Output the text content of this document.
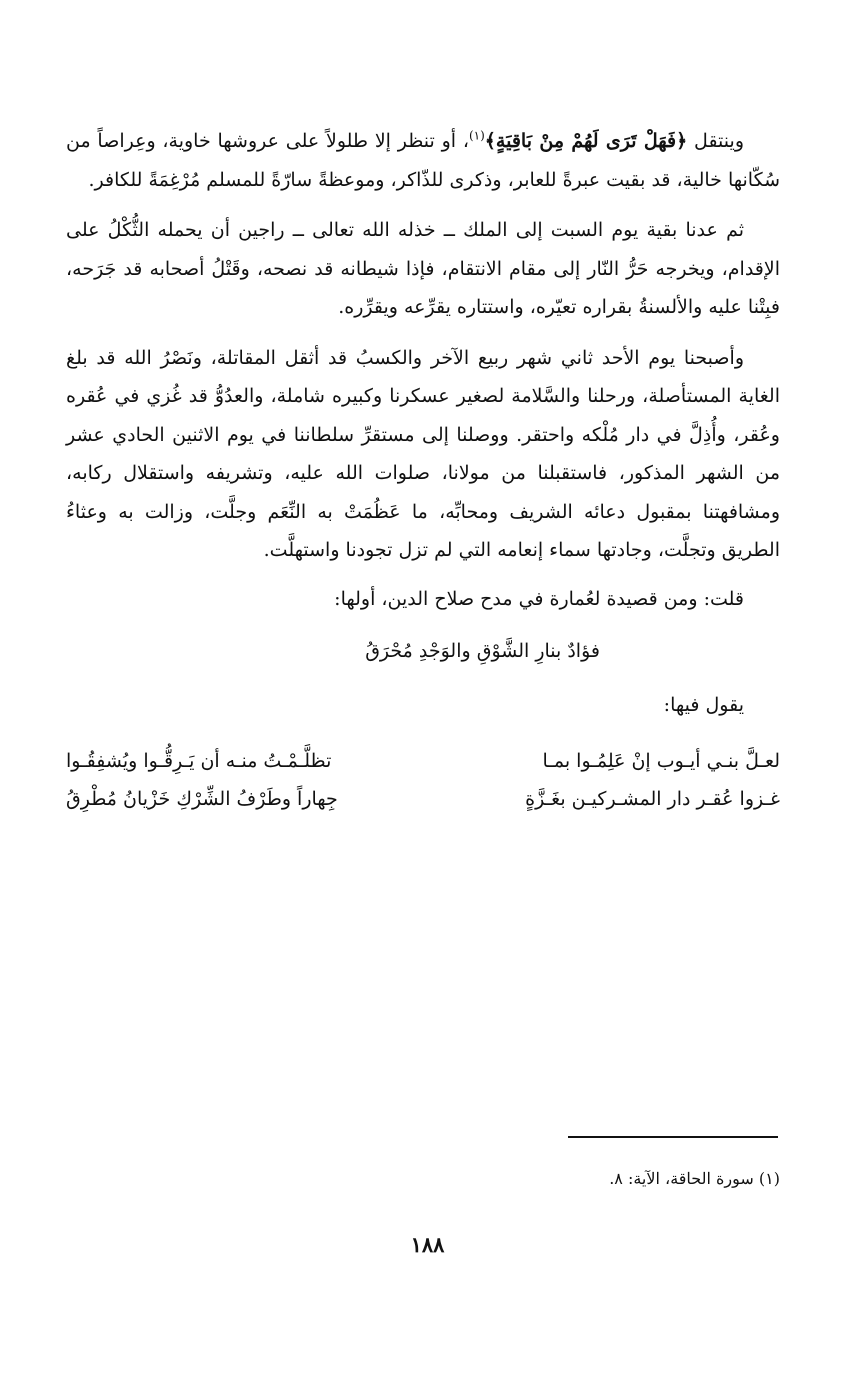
وينتقل ﴿فَهَلْ تَرَى لَهُمْ مِنْ بَاقِيَةٍ﴾$^{(١)}$، أو تنظر إلا طلولاً على عروشها خاوية، وعِراصاً من سُكّانها خالية، قد بقيت عبرةً للعابر، وذكرى للذّاكر، وموعظةً سارّةً للمسلم مُرْغِمَةً للكافر.

ثم عدنا بقية يوم السبت إلى الملك ــ خذله الله تعالى ــ راجين أن يحمله الثُّكْلُ على الإقدام، ويخرجه حَرُّ النّار إلى مقام الانتقام، فإذا شيطانه قد نصحه، وقَتْلُ أصحابه قد جَرَحه، فبِتْنا عليه والألسنةُ بقراره تعيّره، واستتاره يقرِّعه ويقرِّره.

وأصبحنا يوم الأحد ثاني شهر ربيع الآخر والكسبُ قد أثقل المقاتلة، ونَصْرُ الله قد بلغ الغاية المستأصلة، ورحلنا والسَّلامة لصغير عسكرنا وكبيره شاملة، والعدُوُّ قد غُزي في عُقره وعُقر، وأُذِلَّ في دار مُلْكه واحتقر. ووصلنا إلى مستقرِّ سلطاننا في يوم الاثنين الحادي عشر من الشهر المذكور، فاستقبلنا من مولانا، صلوات الله عليه، وتشريفه واستقلال ركابه، ومشافهتنا بمقبول دعائه الشريف ومحابِّه، ما عَظُمَتْ به النِّعَم وجلَّت، وزالت به وعثاءُ الطريق وتجلَّت، وجادتها سماء إنعامه التي لم تزل تجودنا واستهلَّت.

قلت: ومن قصيدة لعُمارة في مدح صلاح الدين، أولها:

فؤادٌ بنارِ الشَّوْقِ والوَجْدِ مُحْرَقُ

يقول فيها:

لعـلَّ بنـي أيـوب إنْ عَلِمُـوا بمـا
تظلَّـمْـتُ منـه أن يَـرِقُّـوا ويُشفِقُـوا
غـزوا عُقـر دار المشـركيـن بغَـزَّةٍ
جِهاراً وطَرْفُ الشِّرْكِ خَزْيانُ مُطْرِقُ
(١) سورة الحاقة، الآية: ٨.
١٨٨
